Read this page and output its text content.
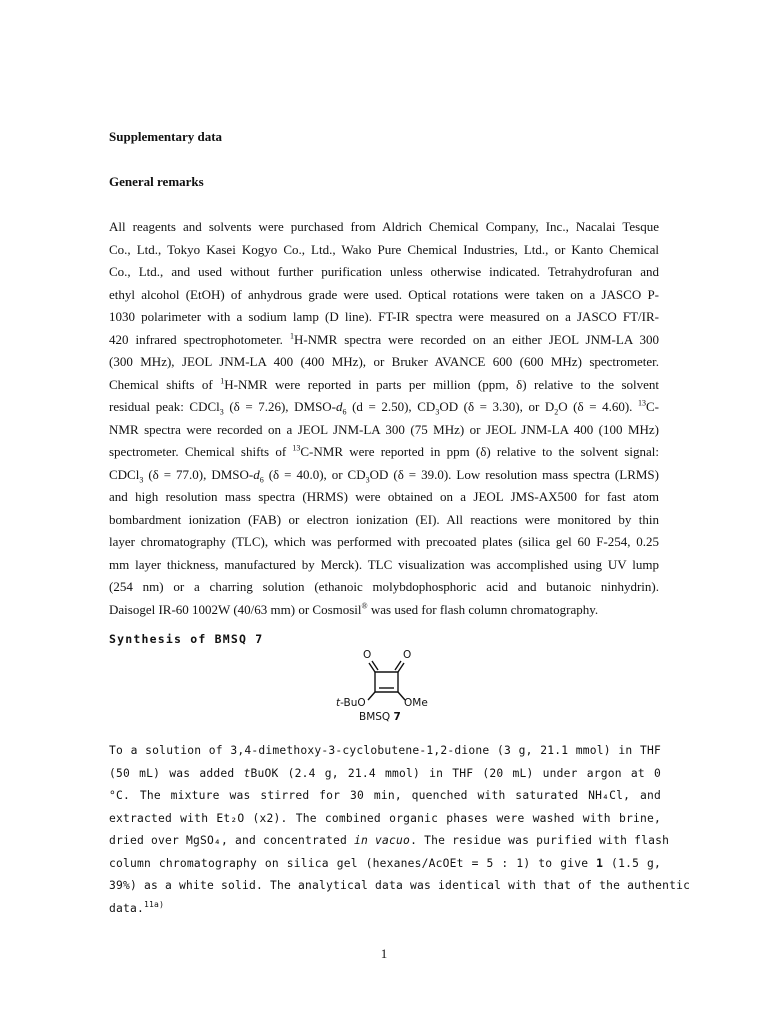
Supplementary data
General remarks
All reagents and solvents were purchased from Aldrich Chemical Company, Inc., Nacalai Tesque
Co., Ltd., Tokyo Kasei Kogyo Co., Ltd., Wako Pure Chemical Industries, Ltd., or Kanto Chemical
Co., Ltd., and used without further purification unless otherwise indicated. Tetrahydrofuran and
ethyl alcohol (EtOH) of anhydrous grade were used. Optical rotations were taken on a JASCO P-
1030 polarimeter with a sodium lamp (D line). FT-IR spectra were measured on a JASCO FT/IR-
420 infrared spectrophotometer. $^1$H-NMR spectra were recorded on an either JEOL JNM-LA 300
(300 MHz), JEOL JNM-LA 400 (400 MHz), or Bruker AVANCE 600 (600 MHz) spectrometer.
Chemical shifts of $^1$H-NMR were reported in parts per million (ppm, δ) relative to the solvent
residual peak: CDCl$_3$ (δ = 7.26), DMSO-$d_6$ (d = 2.50), $CD_3OD$ (δ = 3.30), or $D_2O$ (δ = 4.60). $^{13}$C-
NMR spectra were recorded on a JEOL JNM-LA 300 (75 MHz) or JEOL JNM-LA 400 (100 MHz)
spectrometer. Chemical shifts of $^{13}$C-NMR were reported in ppm (δ) relative to the solvent signal:
CDCl$_3$ (δ = 77.0), DMSO-$d_6$ (δ = 40.0), or $CD_3OD$ (δ = 39.0). Low resolution mass spectra (LRMS)
and high resolution mass spectra (HRMS) were obtained on a JEOL JMS-AX500 for fast atom
bombardment ionization (FAB) or electron ionization (EI). All reactions were monitored by thin
layer chromatography (TLC), which was performed with precoated plates (silica gel 60 F-254, 0.25
mm layer thickness, manufactured by Merck). TLC visualization was accomplished using UV lump
(254 nm) or a charring solution (ethanoic molybdophosphoric acid and butanoic ninhydrin).
Daisogel IR-60 1002W (40/63 mm) or Cosmosil® was used for flash column chromatography.
Synthesis of BMSQ 7
O	O
t-BuO	OMe
BMSQ 7
To a solution of 3,4-dimethoxy-3-cyclobutene-1,2-dione (3 g, 21.1 mmol) in THF
(50 mL) was added tBuOK (2.4 g, 21.4 mmol) in THF (20 mL) under argon at 0
°C. The mixture was stirred for 30 min, quenched with saturated NH₄Cl, and
extracted with Et₂O (x2). The combined organic phases were washed with brine,
dried over MgSO₄, and concentrated in vacuo. The residue was purified with flash
column chromatography on silica gel (hexanes/AcOEt = 5 : 1) to give 1 (1.5 g,
39%) as a white solid. The analytical data was identical with that of the authentic
data.$^{11a)}$
1
